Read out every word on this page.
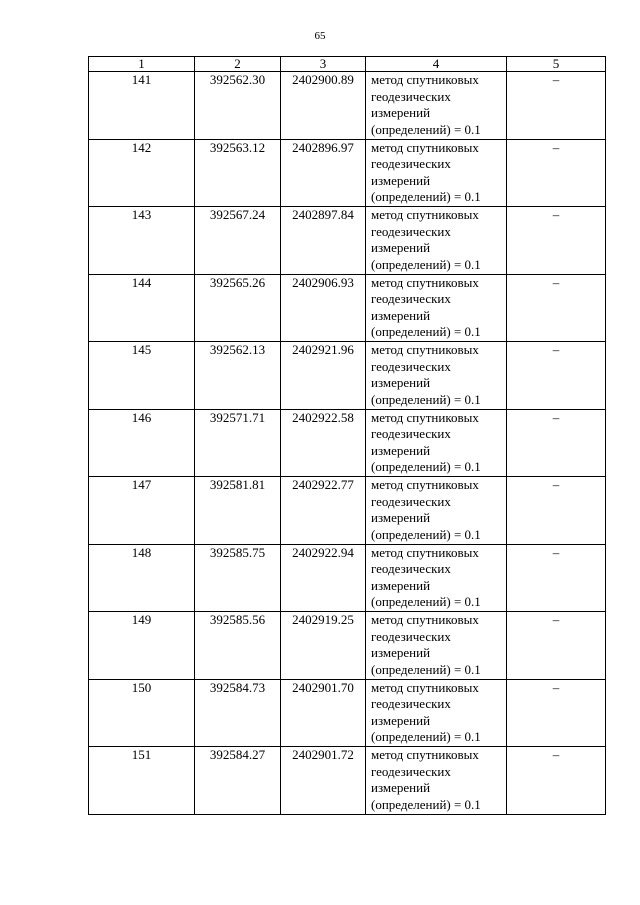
65
1	2	3	4	5
141	392562.30	2402900.89	метод спутниковых
геодезических
измерений
(определений) = 0.1	–
142	392563.12	2402896.97	метод спутниковых
геодезических
измерений
(определений) = 0.1	–
143	392567.24	2402897.84	метод спутниковых
геодезических
измерений
(определений) = 0.1	–
144	392565.26	2402906.93	метод спутниковых
геодезических
измерений
(определений) = 0.1	–
145	392562.13	2402921.96	метод спутниковых
геодезических
измерений
(определений) = 0.1	–
146	392571.71	2402922.58	метод спутниковых
геодезических
измерений
(определений) = 0.1	–
147	392581.81	2402922.77	метод спутниковых
геодезических
измерений
(определений) = 0.1	–
148	392585.75	2402922.94	метод спутниковых
геодезических
измерений
(определений) = 0.1	–
149	392585.56	2402919.25	метод спутниковых
геодезических
измерений
(определений) = 0.1	–
150	392584.73	2402901.70	метод спутниковых
геодезических
измерений
(определений) = 0.1	–
151	392584.27	2402901.72	метод спутниковых
геодезических
измерений
(определений) = 0.1	–
